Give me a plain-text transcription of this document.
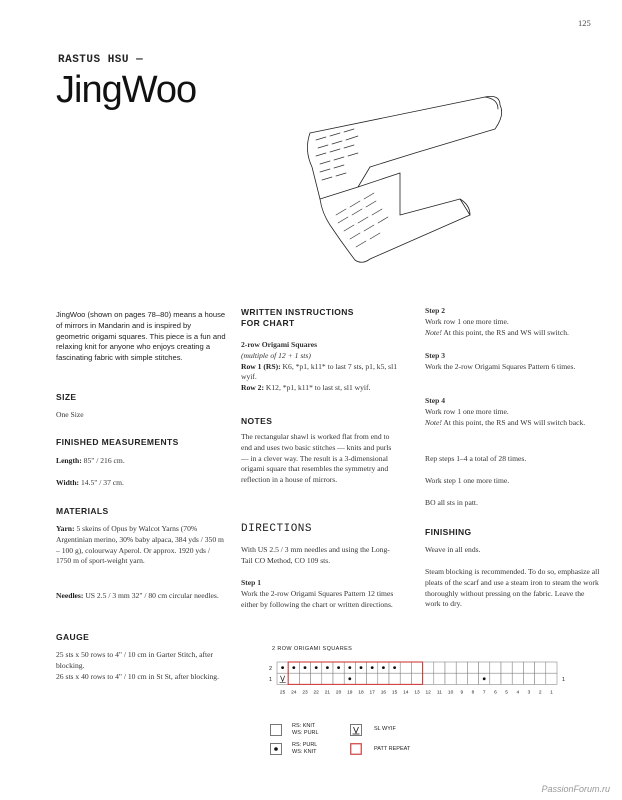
125
RASTUS HSU —
JingWoo
JingWoo (shown on pages 78–80) means a house of mirrors in Mandarin and is inspired by geometric origami squares. This piece is a fun and relaxing knit for anyone who enjoys creating a fascinating fabric with simple stitches.
SIZE
One Size
FINISHED MEASUREMENTS
Length: 85" / 216 cm.
Width: 14.5" / 37 cm.
MATERIALS
Yarn: 5 skeins of Opus by Walcot Yarns (70% Argentinian merino, 30% baby alpaca, 384 yds / 350 m – 100 g), colourway Aperol. Or approx. 1920 yds / 1750 m of sport-weight yarn.
Needles: US 2.5 / 3 mm 32" / 80 cm circular needles.
GAUGE
25 sts x 50 rows to 4" / 10 cm in Garter Stitch, after blocking.
26 sts x 40 rows to 4" / 10 cm in St St, after blocking.
WRITTEN INSTRUCTIONS
FOR CHART
2-row Origami Squares
(multiple of 12 + 1 sts)
Row 1 (RS): K6, *p1, k11* to last 7 sts, p1, k5, sl1 wyif.
Row 2: K12, *p1, k11* to last st, sl1 wyif.
NOTES
The rectangular shawl is worked flat from end to end and uses two basic stitches — knits and purls — in a clever way. The result is a 3-dimensional origami square that resembles the symmetry and reflection in a house of mirrors.
DIRECTIONS
With US 2.5 / 3 mm needles and using the Long-Tail CO Method, CO 109 sts.
Step 1
Work the 2-row Origami Squares Pattern 12 times either by following the chart or written directions.
Step 2
Work row 1 one more time.
Note! At this point, the RS and WS will switch.
Step 3
Work the 2-row Origami Squares Pattern 6 times.
Step 4
Work row 1 one more time.
Note! At this point, the RS and WS will switch back.
Rep steps 1–4 a total of 28 times.
Work step 1 one more time.
BO all sts in patt.
FINISHING
Weave in all ends.
Steam blocking is recommended. To do so, emphasize all pleats of the scarf and use a steam iron to steam the work thoroughly without pressing on the fabric. Leave the work to dry.
2 ROW ORIGAMI SQUARES
2
1
25 24 23 22 21 20 19 18 17 16 15 14 13 12 11 10 9 8 7 6 5 4 3 2 1
1
RS: KNIT
WS: PURL
RS: PURL
WS: KNIT
SL WYIF
PATT REPEAT
PassionForum.ru
